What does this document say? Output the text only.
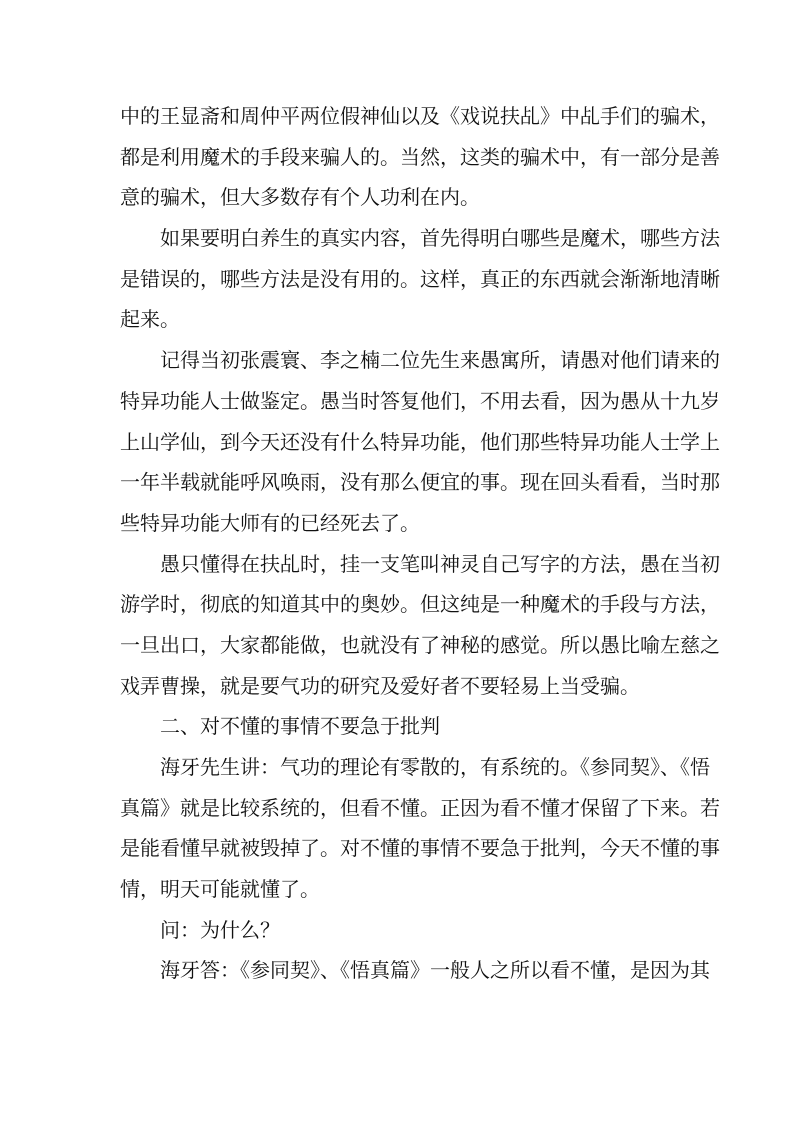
中的王显斋和周仲平两位假神仙以及《戏说扶乩》中乩手们的骗术，
都是利用魔术的手段来骗人的。当然，这类的骗术中，有一部分是善
意的骗术，但大多数存有个人功利在内。
如果要明白养生的真实内容，首先得明白哪些是魔术，哪些方法
是错误的，哪些方法是没有用的。这样，真正的东西就会渐渐地清晰
起来。
记得当初张震寰、李之楠二位先生来愚寓所，请愚对他们请来的
特异功能人士做鉴定。愚当时答复他们，不用去看，因为愚从十九岁
上山学仙，到今天还没有什么特异功能，他们那些特异功能人士学上
一年半载就能呼风唤雨，没有那么便宜的事。现在回头看看，当时那
些特异功能大师有的已经死去了。
愚只懂得在扶乩时，挂一支笔叫神灵自己写字的方法，愚在当初
游学时，彻底的知道其中的奥妙。但这纯是一种魔术的手段与方法，
一旦出口，大家都能做，也就没有了神秘的感觉。所以愚比喻左慈之
戏弄曹操，就是要气功的研究及爱好者不要轻易上当受骗。
二、对不懂的事情不要急于批判
海牙先生讲：气功的理论有零散的，有系统的。《参同契》、《悟
真篇》就是比较系统的，但看不懂。正因为看不懂才保留了下来。若
是能看懂早就被毁掉了。对不懂的事情不要急于批判，今天不懂的事
情，明天可能就懂了。
问：为什么？
海牙答：《参同契》、《悟真篇》一般人之所以看不懂，是因为其
